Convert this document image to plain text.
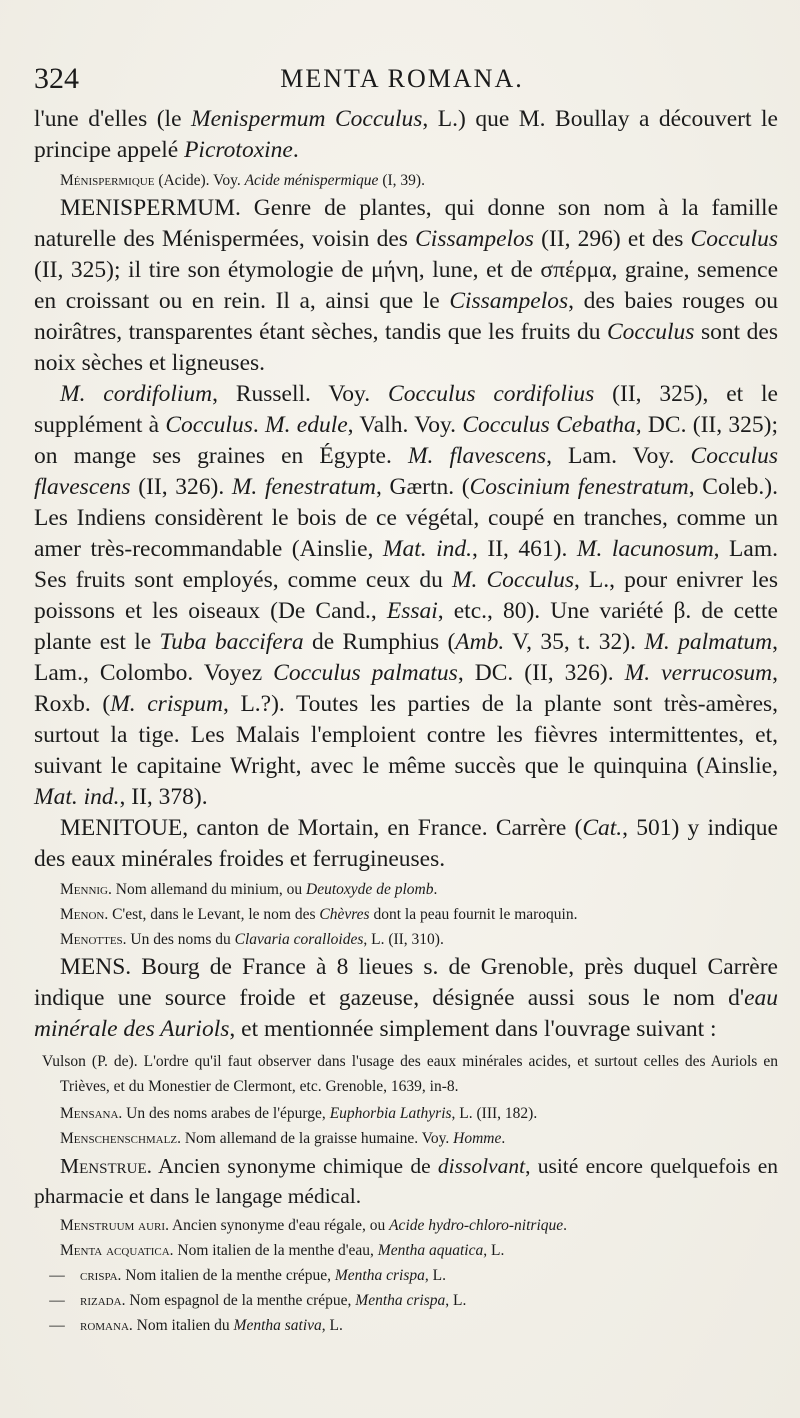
324	MENTA ROMANA.

l'une d'elles (le Menispermum Cocculus, L.) que M. Boullay a découvert le principe appelé Picrotoxine.

Ménispermique (Acide). Voy. Acide ménispermique (I, 39).

MENISPERMUM. Genre de plantes, qui donne son nom à la famille naturelle des Ménispermées, voisin des Cissampelos (II, 296) et des Cocculus (II, 325); il tire son étymologie de μήνη, lune, et de σπέρμα, graine, semence en croissant ou en rein. Il a, ainsi que le Cissampelos, des baies rouges ou noirâtres, transparentes étant sèches, tandis que les fruits du Cocculus sont des noix sèches et ligneuses.

M. cordifolium, Russell. Voy. Cocculus cordifolius (II, 325), et le supplément à Cocculus. M. edule, Valh. Voy. Cocculus Cebatha, DC. (II, 325); on mange ses graines en Égypte. M. flavescens, Lam. Voy. Cocculus flavescens (II, 326). M. fenestratum, Gærtn. (Coscinium fenestratum, Coleb.). Les Indiens considèrent le bois de ce végétal, coupé en tranches, comme un amer très-recommandable (Ainslie, Mat. ind., II, 461). M. lacunosum, Lam. Ses fruits sont employés, comme ceux du M. Cocculus, L., pour enivrer les poissons et les oiseaux (De Cand., Essai, etc., 80). Une variété β. de cette plante est le Tuba baccifera de Rumphius (Amb. V, 35, t. 32). M. palmatum, Lam., Colombo. Voyez Cocculus palmatus, DC. (II, 326). M. verrucosum, Roxb. (M. crispum, L.?). Toutes les parties de la plante sont très-amères, surtout la tige. Les Malais l'emploient contre les fièvres intermittentes, et, suivant le capitaine Wright, avec le même succès que le quinquina (Ainslie, Mat. ind., II, 378).

MENITOUE, canton de Mortain, en France. Carrère (Cat., 501) y indique des eaux minérales froides et ferrugineuses.

Mennig. Nom allemand du minium, ou Deutoxyde de plomb.

Menon. C'est, dans le Levant, le nom des Chèvres dont la peau fournit le maroquin.

Menottes. Un des noms du Clavaria coralloides, L. (II, 310).

MENS. Bourg de France à 8 lieues s. de Grenoble, près duquel Carrère indique une source froide et gazeuse, désignée aussi sous le nom d'eau minérale des Auriols, et mentionnée simplement dans l'ouvrage suivant :

Vulson (P. de). L'ordre qu'il faut observer dans l'usage des eaux minérales acides, et surtout celles des Auriols en Trièves, et du Monestier de Clermont, etc. Grenoble, 1639, in-8.

Mensana. Un des noms arabes de l'épurge, Euphorbia Lathyris, L. (III, 182).

Menschenschmalz. Nom allemand de la graisse humaine. Voy. Homme.

Menstrue. Ancien synonyme chimique de dissolvant, usité encore quelquefois en pharmacie et dans le langage médical.

Menstruum auri. Ancien synonyme d'eau régale, ou Acide hydro-chloro-nitrique.

Menta acquatica. Nom italien de la menthe d'eau, Mentha aquatica, L.

— crispa. Nom italien de la menthe crépue, Mentha crispa, L.

— rizada. Nom espagnol de la menthe crépue, Mentha crispa, L.

— romana. Nom italien du Mentha sativa, L.
